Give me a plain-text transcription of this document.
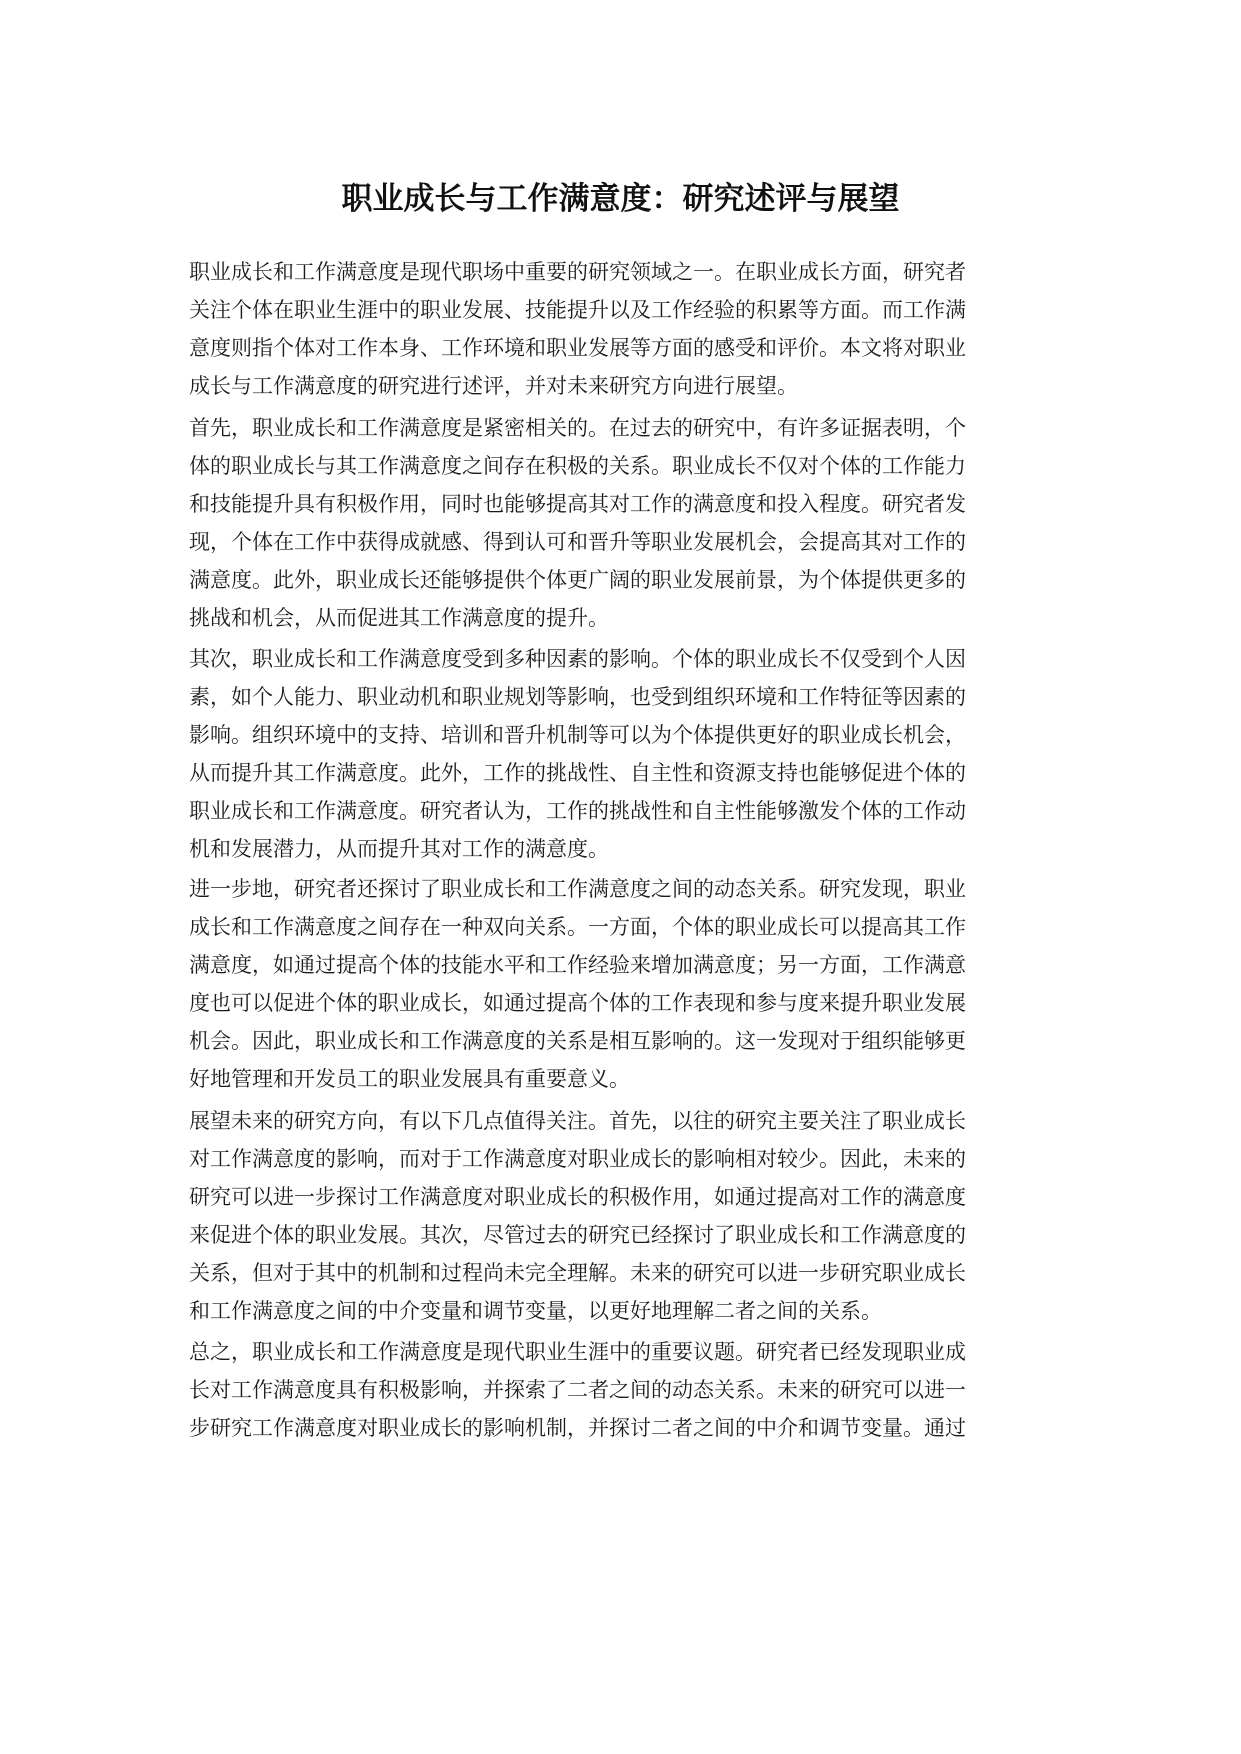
职业成长与工作满意度：研究述评与展望
职业成长和工作满意度是现代职场中重要的研究领域之一。在职业成长方面，研究者
关注个体在职业生涯中的职业发展、技能提升以及工作经验的积累等方面。而工作满
意度则指个体对工作本身、工作环境和职业发展等方面的感受和评价。本文将对职业
成长与工作满意度的研究进行述评，并对未来研究方向进行展望。
首先，职业成长和工作满意度是紧密相关的。在过去的研究中，有许多证据表明，个
体的职业成长与其工作满意度之间存在积极的关系。职业成长不仅对个体的工作能力
和技能提升具有积极作用，同时也能够提高其对工作的满意度和投入程度。研究者发
现，个体在工作中获得成就感、得到认可和晋升等职业发展机会，会提高其对工作的
满意度。此外，职业成长还能够提供个体更广阔的职业发展前景，为个体提供更多的
挑战和机会，从而促进其工作满意度的提升。
其次，职业成长和工作满意度受到多种因素的影响。个体的职业成长不仅受到个人因
素，如个人能力、职业动机和职业规划等影响，也受到组织环境和工作特征等因素的
影响。组织环境中的支持、培训和晋升机制等可以为个体提供更好的职业成长机会，
从而提升其工作满意度。此外，工作的挑战性、自主性和资源支持也能够促进个体的
职业成长和工作满意度。研究者认为，工作的挑战性和自主性能够激发个体的工作动
机和发展潜力，从而提升其对工作的满意度。
进一步地，研究者还探讨了职业成长和工作满意度之间的动态关系。研究发现，职业
成长和工作满意度之间存在一种双向关系。一方面，个体的职业成长可以提高其工作
满意度，如通过提高个体的技能水平和工作经验来增加满意度；另一方面，工作满意
度也可以促进个体的职业成长，如通过提高个体的工作表现和参与度来提升职业发展
机会。因此，职业成长和工作满意度的关系是相互影响的。这一发现对于组织能够更
好地管理和开发员工的职业发展具有重要意义。
展望未来的研究方向，有以下几点值得关注。首先，以往的研究主要关注了职业成长
对工作满意度的影响，而对于工作满意度对职业成长的影响相对较少。因此，未来的
研究可以进一步探讨工作满意度对职业成长的积极作用，如通过提高对工作的满意度
来促进个体的职业发展。其次，尽管过去的研究已经探讨了职业成长和工作满意度的
关系，但对于其中的机制和过程尚未完全理解。未来的研究可以进一步研究职业成长
和工作满意度之间的中介变量和调节变量，以更好地理解二者之间的关系。
总之，职业成长和工作满意度是现代职业生涯中的重要议题。研究者已经发现职业成
长对工作满意度具有积极影响，并探索了二者之间的动态关系。未来的研究可以进一
步研究工作满意度对职业成长的影响机制，并探讨二者之间的中介和调节变量。通过
